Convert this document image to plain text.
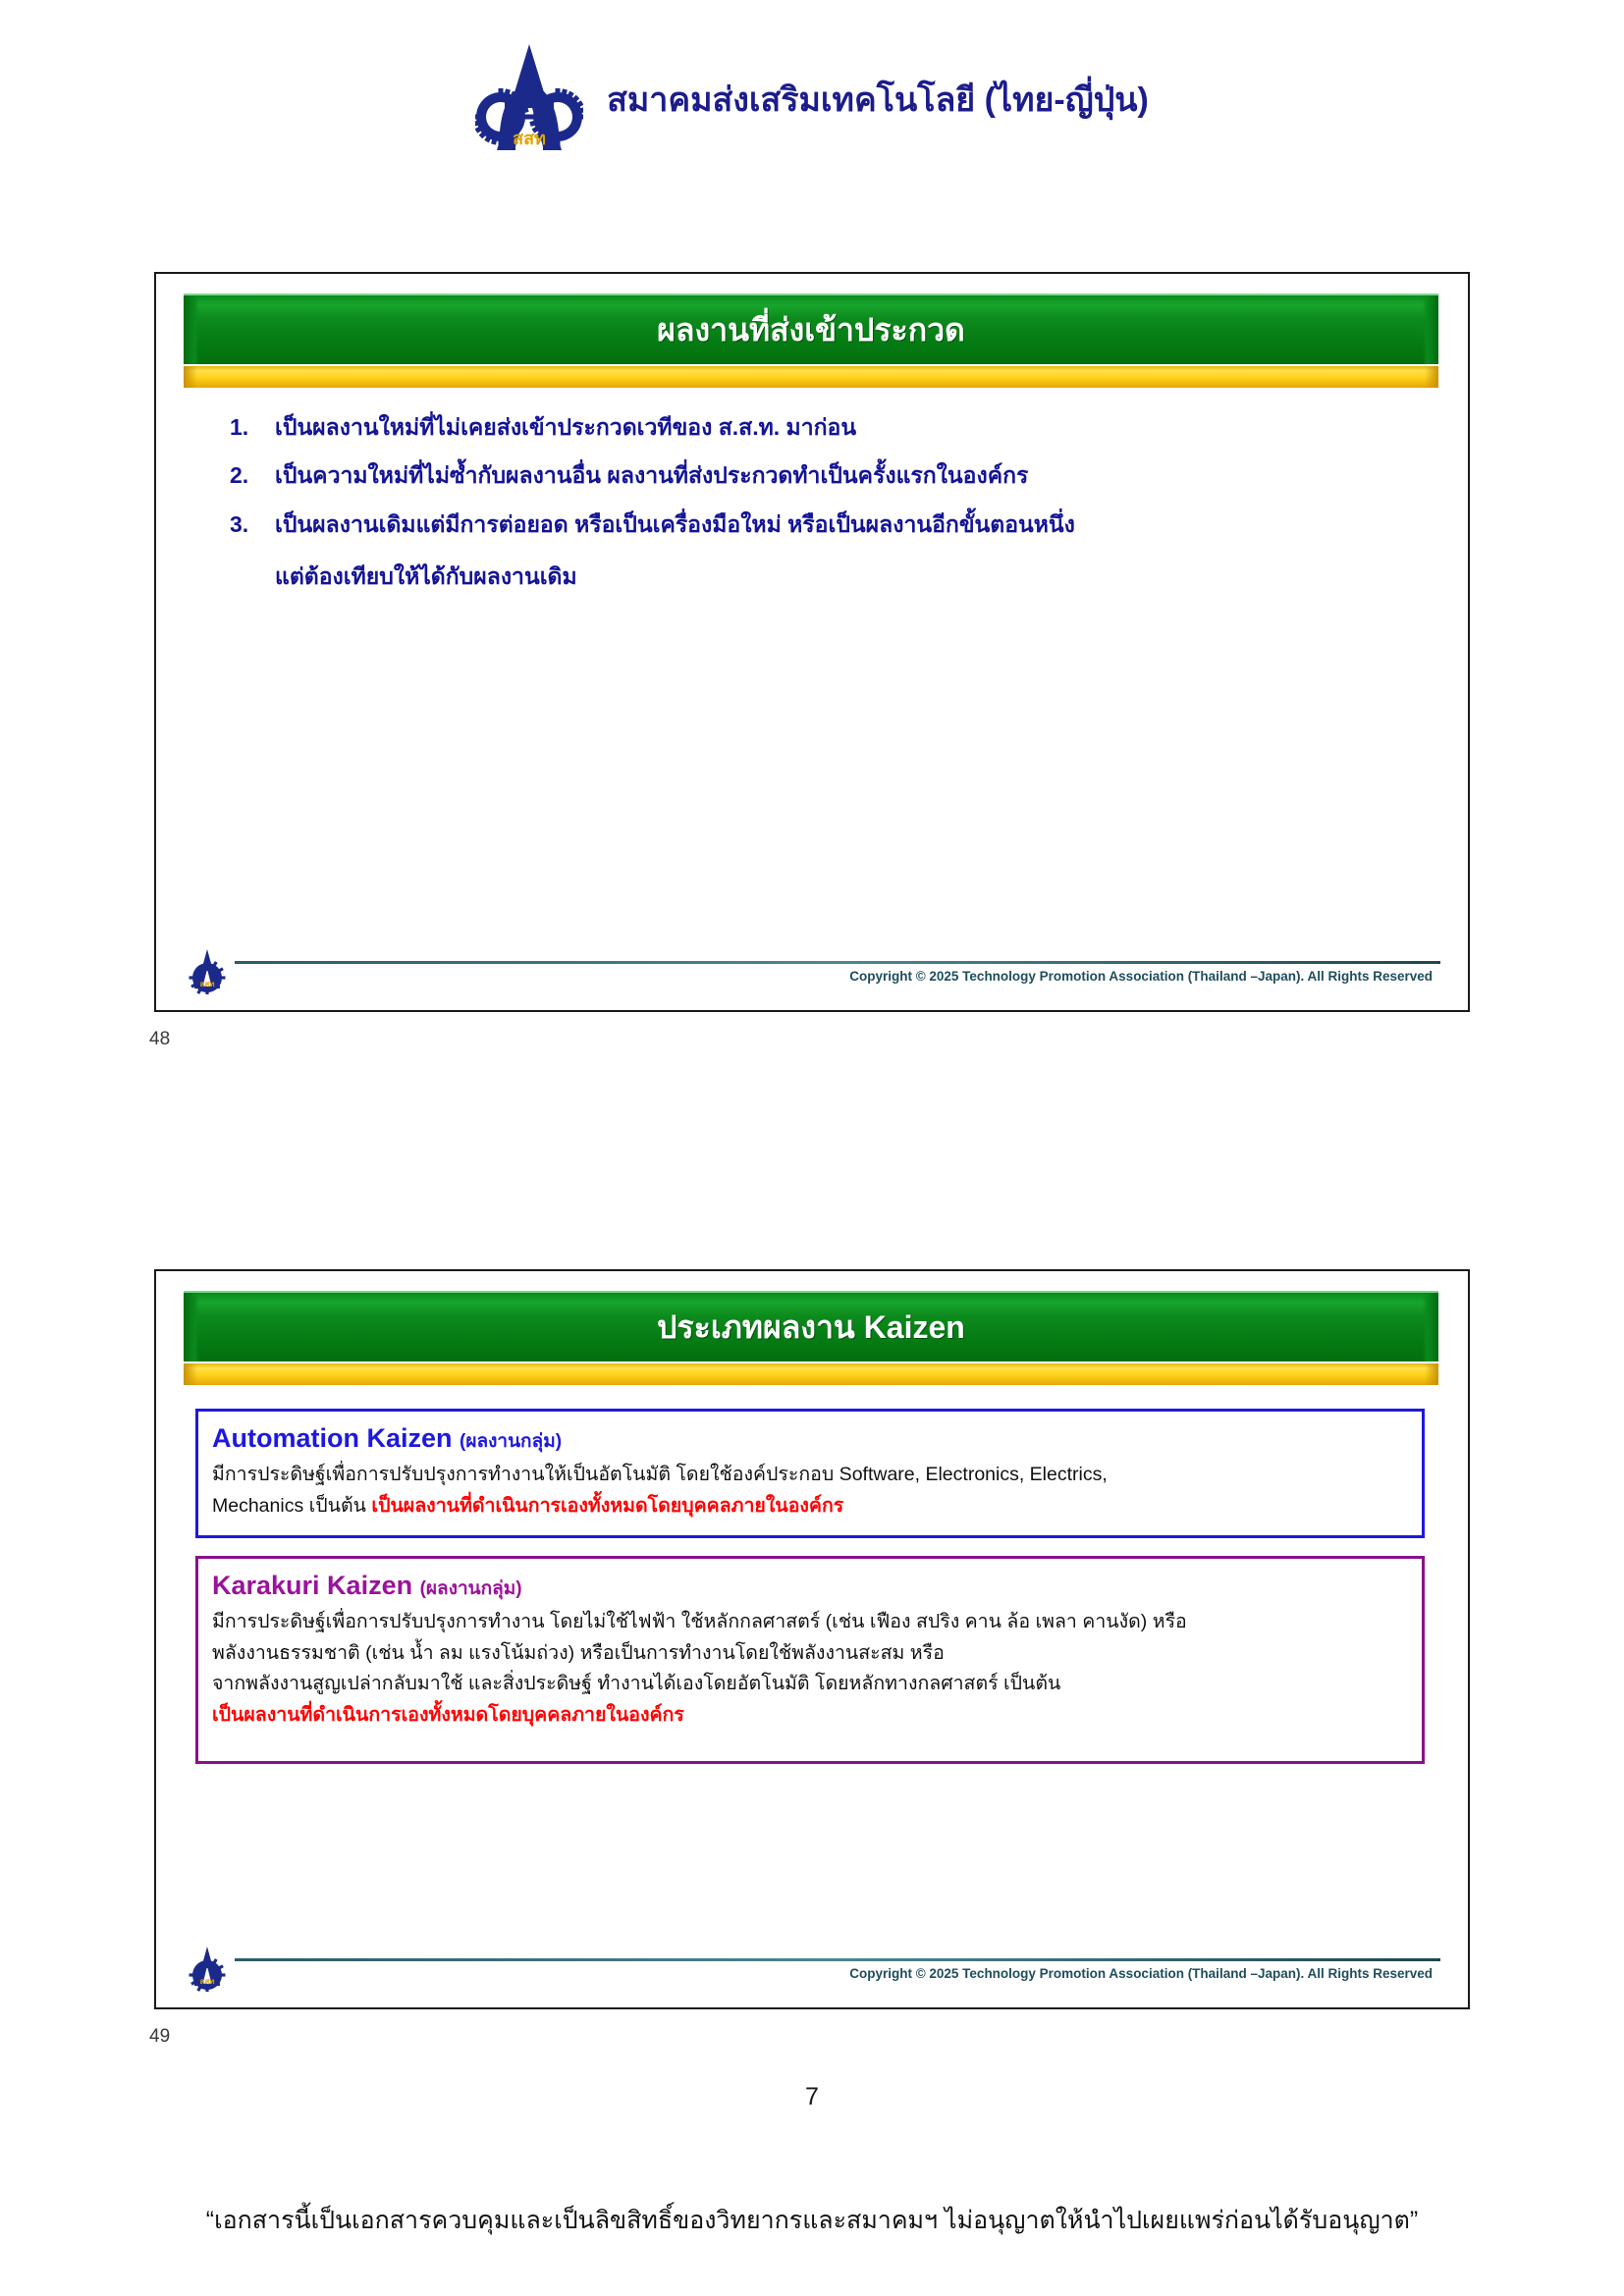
สสท
สมาคมส่งเสริมเทคโนโลยี (ไทย-ญี่ปุ่น)
ผลงานที่ส่งเข้าประกวด
1.	เป็นผลงานใหม่ที่ไม่เคยส่งเข้าประกวดเวทีของ ส.ส.ท. มาก่อน
2.	เป็นความใหม่ที่ไม่ซ้ำกับผลงานอื่น ผลงานที่ส่งประกวดทำเป็นครั้งแรกในองค์กร
3.	เป็นผลงานเดิมแต่มีการต่อยอด หรือเป็นเครื่องมือใหม่ หรือเป็นผลงานอีกขั้นตอนหนึ่ง
แต่ต้องเทียบให้ได้กับผลงานเดิม
สสท
Copyright © 2025 Technology Promotion Association (Thailand –Japan). All Rights Reserved
48
ประเภทผลงาน Kaizen
Automation Kaizen (ผลงานกลุ่ม)
มีการประดิษฐ์เพื่อการปรับปรุงการทำงานให้เป็นอัตโนมัติ โดยใช้องค์ประกอบ Software, Electronics, Electrics,
Mechanics เป็นต้น เป็นผลงานที่ดำเนินการเองทั้งหมดโดยบุคคลภายในองค์กร
Karakuri Kaizen (ผลงานกลุ่ม)
มีการประดิษฐ์เพื่อการปรับปรุงการทำงาน โดยไม่ใช้ไฟฟ้า ใช้หลักกลศาสตร์ (เช่น เฟือง สปริง คาน ล้อ เพลา คานงัด) หรือ
พลังงานธรรมชาติ (เช่น น้ำ ลม แรงโน้มถ่วง) หรือเป็นการทำงานโดยใช้พลังงานสะสม หรือ
จากพลังงานสูญเปล่ากลับมาใช้ และสิ่งประดิษฐ์ ทำงานได้เองโดยอัตโนมัติ โดยหลักทางกลศาสตร์ เป็นต้น
เป็นผลงานที่ดำเนินการเองทั้งหมดโดยบุคคลภายในองค์กร
สสท
Copyright © 2025 Technology Promotion Association (Thailand –Japan). All Rights Reserved
49
7
“เอกสารนี้เป็นเอกสารควบคุมและเป็นลิขสิทธิ์ของวิทยากรและสมาคมฯ ไม่อนุญาตให้นำไปเผยแพร่ก่อนได้รับอนุญาต”
